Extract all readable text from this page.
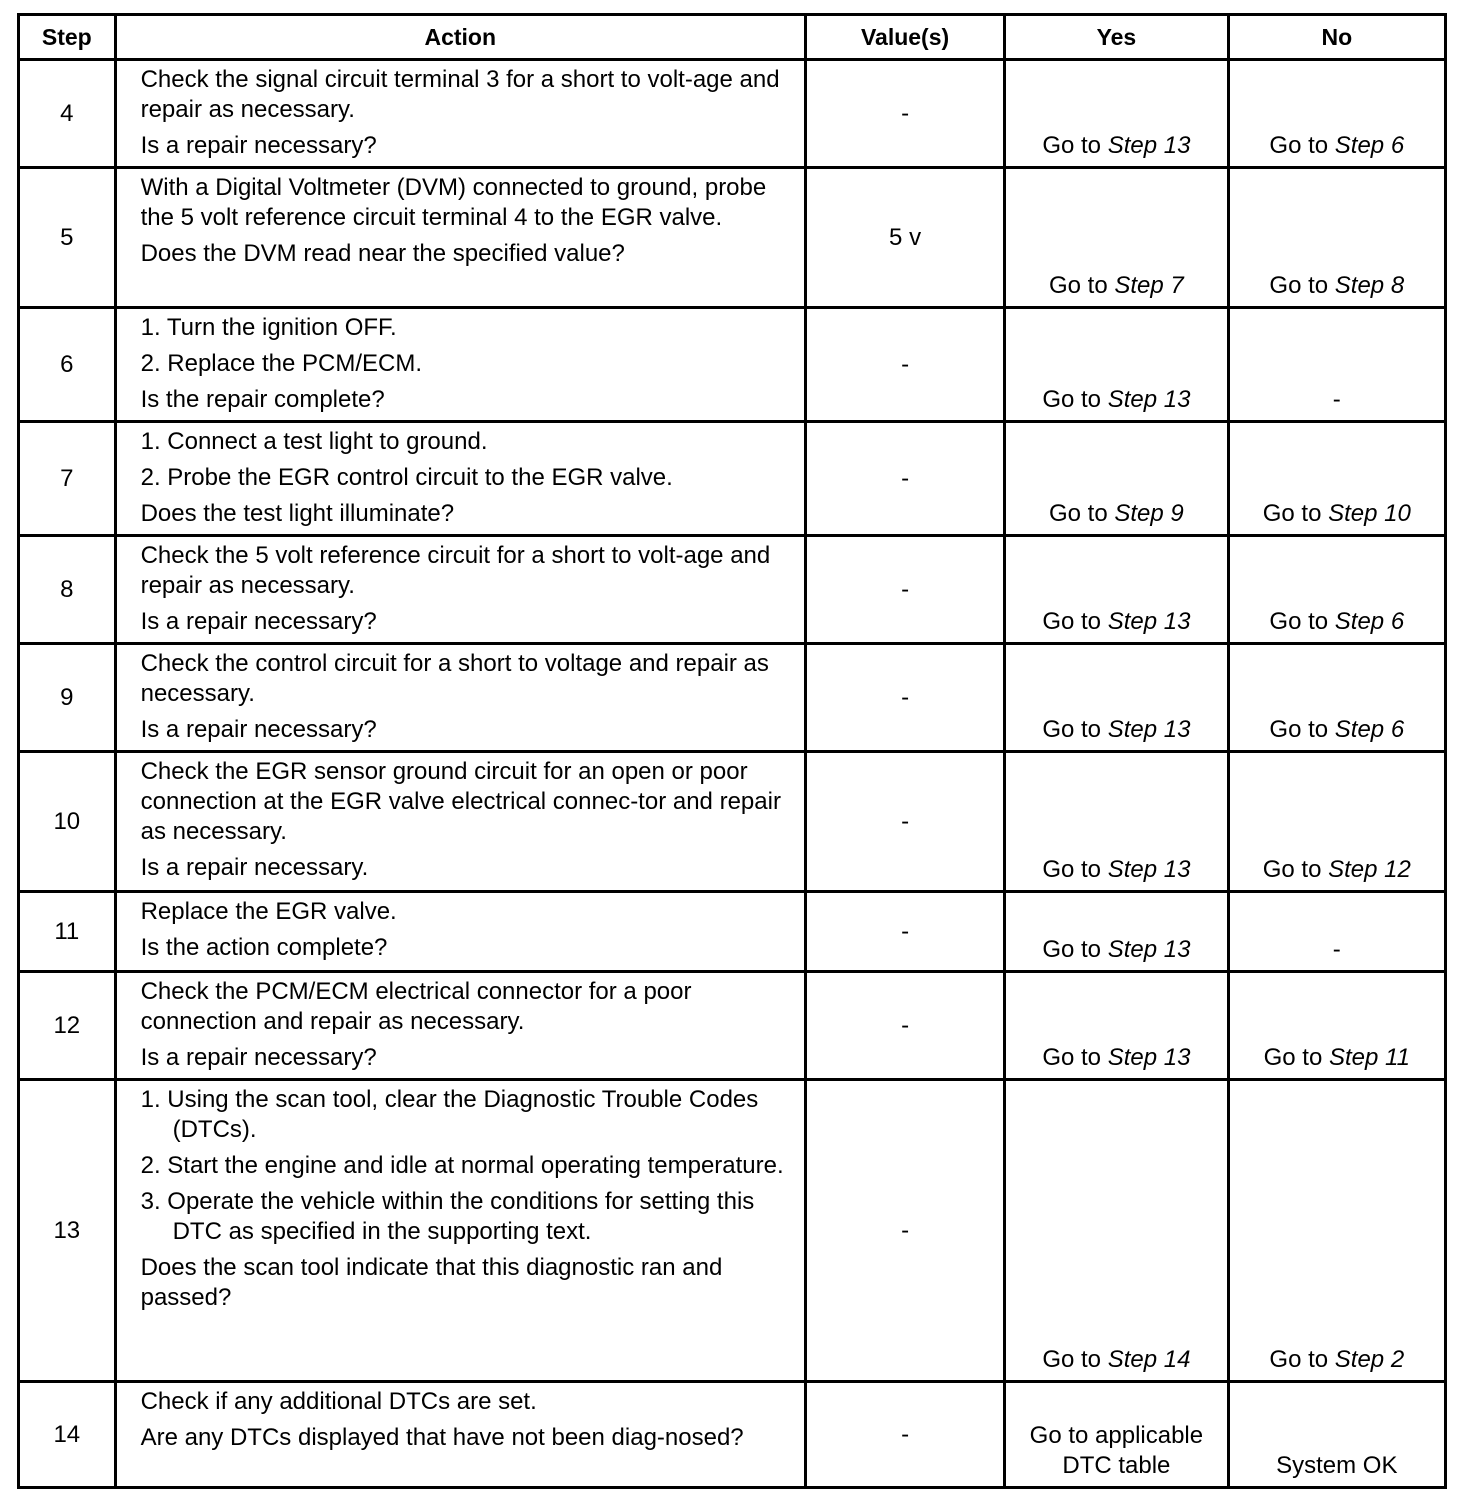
Step	Action	Value(s)	Yes	No
4	Check the signal circuit terminal 3 for a short to volt-age and repair as necessary.
Is a repair necessary?	-	Go to Step 13	Go to Step 6
5	With a Digital Voltmeter (DVM) connected to ground, probe the 5 volt reference circuit terminal 4 to the EGR valve.
Does the DVM read near the specified value?	5 v	Go to Step 7	Go to Step 8
6	1. Turn the ignition OFF.
2. Replace the PCM/ECM.
Is the repair complete?	-	Go to Step 13	-
7	1. Connect a test light to ground.
2. Probe the EGR control circuit to the EGR valve.
Does the test light illuminate?	-	Go to Step 9	Go to Step 10
8	Check the 5 volt reference circuit for a short to volt-age and repair as necessary.
Is a repair necessary?	-	Go to Step 13	Go to Step 6
9	Check the control circuit for a short to voltage and repair as necessary.
Is a repair necessary?	-	Go to Step 13	Go to Step 6
10	Check the EGR sensor ground circuit for an open or poor connection at the EGR valve electrical connec-tor and repair as necessary.
Is a repair necessary.	-	Go to Step 13	Go to Step 12
11	Replace the EGR valve.
Is the action complete?	-	Go to Step 13	-
12	Check the PCM/ECM electrical connector for a poor connection and repair as necessary.
Is a repair necessary?	-	Go to Step 13	Go to Step 11
13	1. Using the scan tool, clear the Diagnostic Trouble Codes (DTCs).
2. Start the engine and idle at normal operating temperature.
3. Operate the vehicle within the conditions for setting this DTC as specified in the supporting text.
Does the scan tool indicate that this diagnostic ran and passed?	-	Go to Step 14	Go to Step 2
14	Check if any additional DTCs are set.
Are any DTCs displayed that have not been diag-nosed?	-	Go to applicable DTC table	System OK
